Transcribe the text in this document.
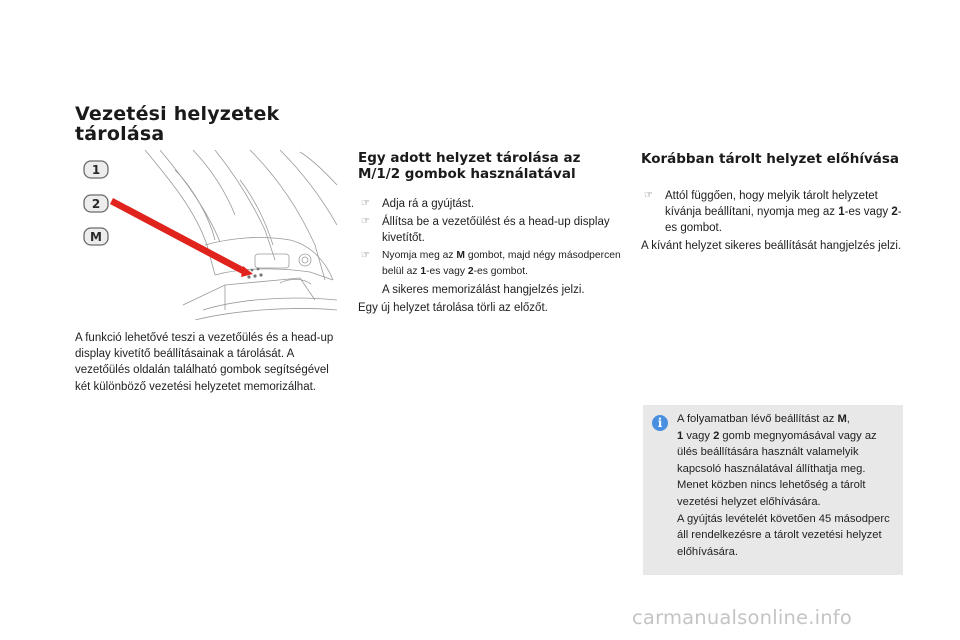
Vezetési helyzetek tárolása
1
2
M
A funkció lehetővé teszi a vezetőülés és a head-up display kivetítő beállításainak a tárolását. A vezetőülés oldalán található gombok segítségével két különböző vezetési helyzetet memorizálhat.
Egy adott helyzet tárolása az M/1/2 gombok használatával
☞ Adja rá a gyújtást.
☞ Állítsa be a vezetőülést és a head-up display kivetítőt.
☞ Nyomja meg az M gombot, majd négy másodpercen belül az 1-es vagy 2-es gombot.
A sikeres memorizálást hangjelzés jelzi.
Egy új helyzet tárolása törli az előzőt.
Korábban tárolt helyzet előhívása
☞ Attól függően, hogy melyik tárolt helyzetet kívánja beállítani, nyomja meg az 1-es vagy 2-es gombot.
A kívánt helyzet sikeres beállítását hangjelzés jelzi.
i	A folyamatban lévő beállítást az M,
1 vagy 2 gomb megnyomásával vagy az ülés beállítására használt valamelyik kapcsoló használatával állíthatja meg.
Menet közben nincs lehetőség a tárolt vezetési helyzet előhívására.
A gyújtás levételét követően 45 másodperc áll rendelkezésre a tárolt vezetési helyzet előhívására.
carmanualsonline.info
